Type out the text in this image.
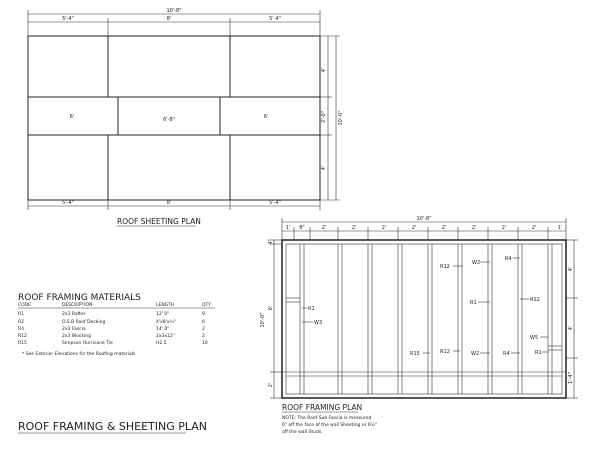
10'-8"
5'-4"	8'	5'-4"
6'	6'-8"	6'
4'
2'-0"
4'
10'-0"
5'-4"	8'	5'-4"
ROOF SHEETING PLAN
ROOF FRAMING MATERIALS
CODE	DESCRIPTION	LENGTH	QTY
R1	2x3 Rafter	12' 0"	9
R2	O.S.B Roof Decking	4'x8'x½"	6
R4	2x3 Fascia	14' 0"	2
R12	2x3 Blocking	2x3x12"	2
R15	Simpson Hurricane Tie	H2.5	10
* See Exterior Elevations for the Roofing materials.
10'-8"
1' 8"	2'	2'	2'	2'	2'	2'	2'	2'	1'
4"
6'
2'
10'-0"
4'
4'
1'-4"
R12
W2
R4
R1
W3
R1	R12
W5
R15	R12	W2	R4	R1
ROOF FRAMING PLAN
NOTE: The Roof Sub Fascia is measured
6" off the face of the wall Sheeting or 6½"
off the wall Studs.
ROOF FRAMING & SHEETING PLAN
